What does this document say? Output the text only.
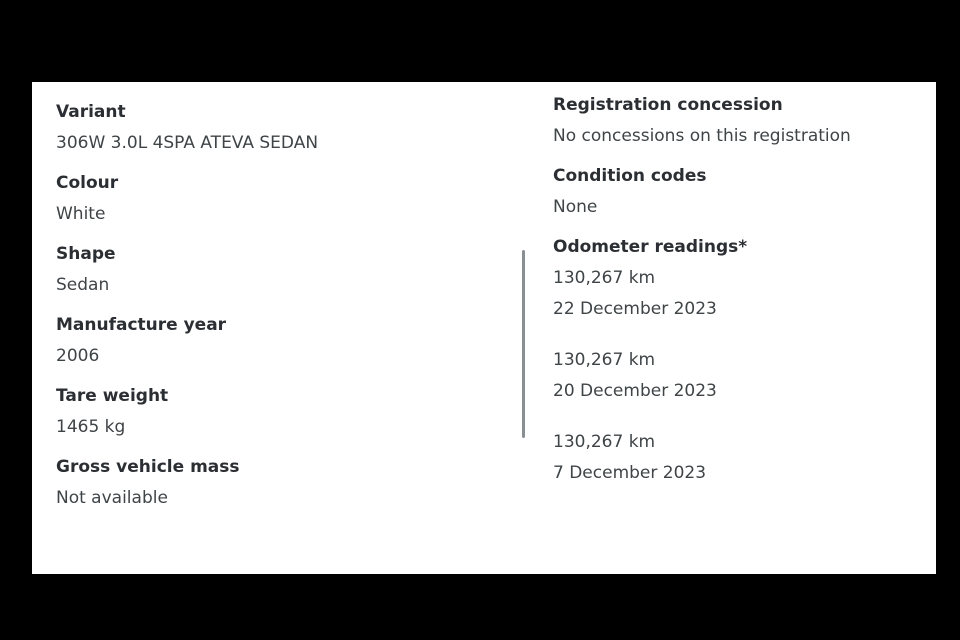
Variant
306W 3.0L 4SPA ATEVA SEDAN
Colour
White
Shape
Sedan
Manufacture year
2006
Tare weight
1465 kg
Gross vehicle mass
Not available
Registration concession
No concessions on this registration
Condition codes
None
Odometer readings*
130,267 km
22 December 2023
130,267 km
20 December 2023
130,267 km
7 December 2023
